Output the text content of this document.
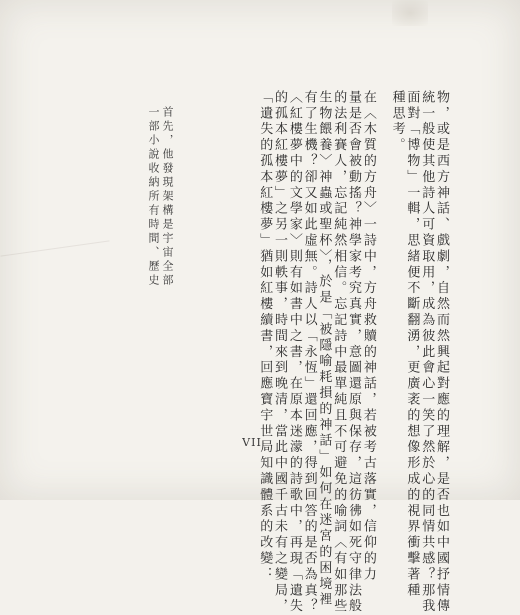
物，或是西方神話、戲劇，自然而然興起對應的理解，是否也如中國抒情傳
統一般使其他詩人可資取用，成為彼此會心一笑了然於心的同情共感？那我
面對「博物」一輯，思緒便不斷翻湧，更廣袤的想像形成的視界衝擊著種
種思考。
在〈木質的方舟〉一詩中，方舟救贖的神話，若被考古落實，信仰的力
量是否會被動搖？神學家考究真實，意圖還原與保存，這彷彿如死守律法般
的法利賽人，忘記純然相信。忘記詩中最單純且不可避免的喻詞〈有如那些
生物餵養〉神蟲或聖杯〉，於是「被隱喻耗損的神話」如何在迷宮的困境裡
有了生機？卻又如此虛無。詩人以「永恆」還回應，得到回答的是否為真？
〈紅樓夢中的文學家〉則有如書中之書，在原本迷濛的詩歌中，再現「遺失
的孤本紅樓夢」之另一則軼事，時間來到晚清，當此中國千古未有之變局，
「遺失的孤本紅樓夢」猶如紅樓續書，回應寶宇世局知識體系的改變：
首先，他發現架構是宇宙全部
一部小說收納所有時間、歷史
VII
